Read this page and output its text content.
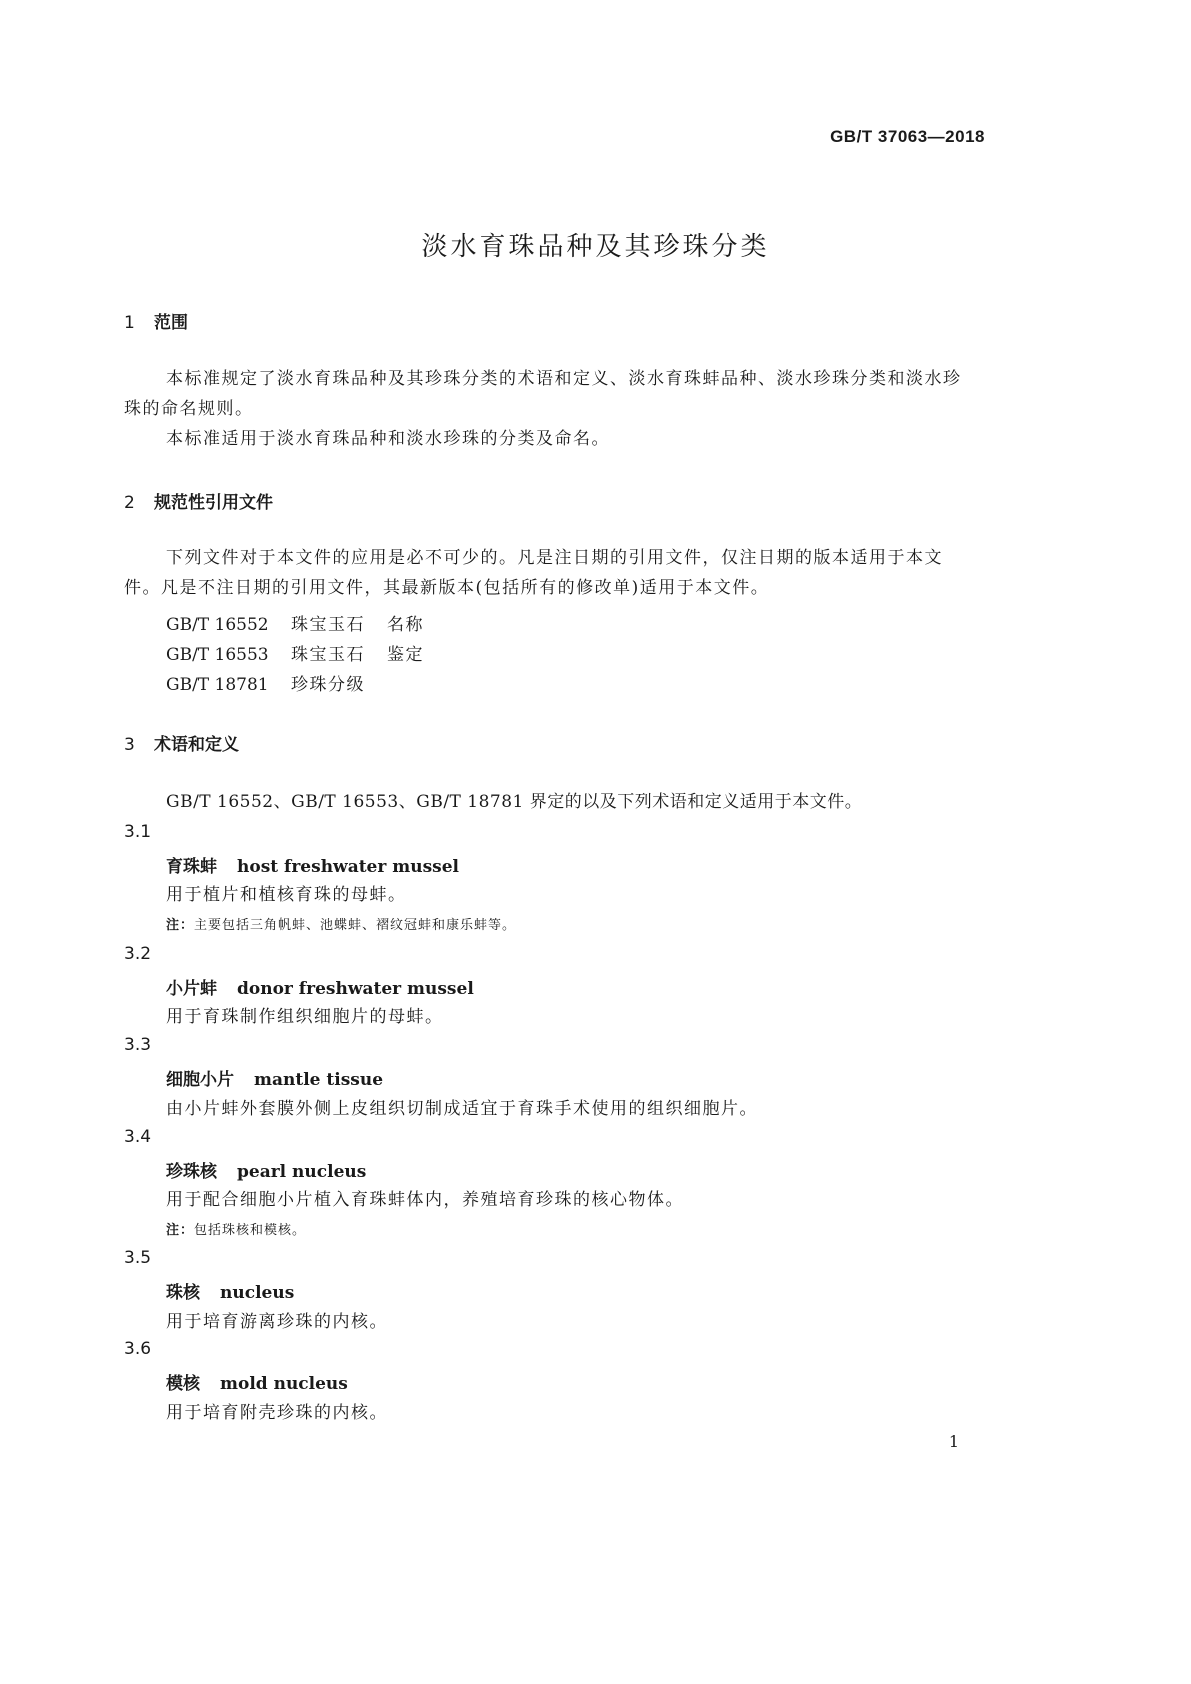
GB/T 37063—2018
淡水育珠品种及其珍珠分类
1 范围
本标准规定了淡水育珠品种及其珍珠分类的术语和定义、淡水育珠蚌品种、淡水珍珠分类和淡水珍
珠的命名规则。
本标准适用于淡水育珠品种和淡水珍珠的分类及命名。
2 规范性引用文件
下列文件对于本文件的应用是必不可少的。凡是注日期的引用文件，仅注日期的版本适用于本文
件。凡是不注日期的引用文件，其最新版本(包括所有的修改单)适用于本文件。
GB/T 16552 珠宝玉石 名称
GB/T 16553 珠宝玉石 鉴定
GB/T 18781 珍珠分级
3 术语和定义
GB/T 16552、GB/T 16553、GB/T 18781 界定的以及下列术语和定义适用于本文件。
3.1
育珠蚌 host freshwater mussel
用于植片和植核育珠的母蚌。
注：主要包括三角帆蚌、池蝶蚌、褶纹冠蚌和康乐蚌等。
3.2
小片蚌 donor freshwater mussel
用于育珠制作组织细胞片的母蚌。
3.3
细胞小片 mantle tissue
由小片蚌外套膜外侧上皮组织切制成适宜于育珠手术使用的组织细胞片。
3.4
珍珠核 pearl nucleus
用于配合细胞小片植入育珠蚌体内，养殖培育珍珠的核心物体。
注：包括珠核和模核。
3.5
珠核 nucleus
用于培育游离珍珠的内核。
3.6
模核 mold nucleus
用于培育附壳珍珠的内核。
1
